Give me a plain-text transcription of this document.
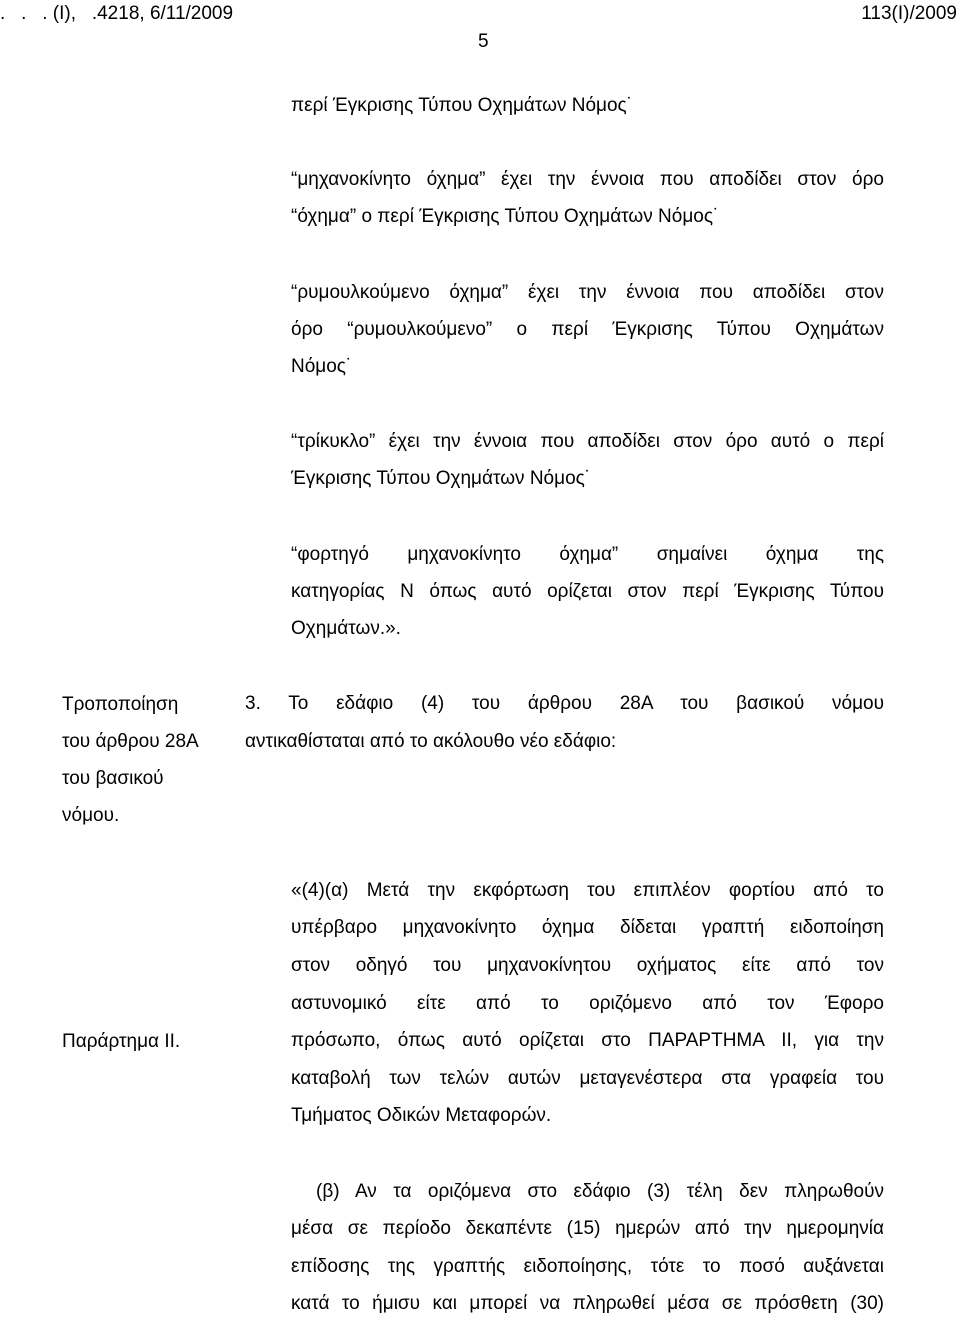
.   .   . (Ι),   .4218, 6/11/2009	113(Ι)/2009
5
περί Έγκρισης Τύπου Οχημάτων Νόμος˙
“μηχανοκίνητο όχημα” έχει την έννοια που αποδίδει στον όρο
“όχημα” ο περί Έγκρισης Τύπου Οχημάτων Νόμος˙
“ρυμουλκούμενο όχημα” έχει την έννοια που αποδίδει στον
όρο “ρυμουλκούμενο” ο περί Έγκρισης Τύπου Οχημάτων
Νόμος˙
“τρίκυκλο” έχει την έννοια που αποδίδει στον όρο αυτό ο περί
Έγκρισης Τύπου Οχημάτων Νόμος˙
“φορτηγό μηχανοκίνητο όχημα” σημαίνει όχημα της
κατηγορίας Ν όπως αυτό ορίζεται στον περί Έγκρισης Τύπου
Οχημάτων.».
Τροποποίηση
του άρθρου 28Α
του βασικού
νόμου.
3. Το εδάφιο (4) του άρθρου 28Α του βασικού νόμου
αντικαθίσταται από το ακόλουθο νέο εδάφιο:
Παράρτημα ΙΙ.
«(4)(α) Μετά την εκφόρτωση του επιπλέον φορτίου από το
υπέρβαρο μηχανοκίνητο όχημα δίδεται γραπτή ειδοποίηση
στον οδηγό του μηχανοκίνητου οχήματος είτε από τον
αστυνομικό είτε από το οριζόμενο από τον Έφορο
πρόσωπο, όπως αυτό ορίζεται στο ΠΑΡΑΡΤΗΜΑ ΙΙ, για την
καταβολή των τελών αυτών μεταγενέστερα στα γραφεία του
Τμήματος Οδικών Μεταφορών.
(β) Αν τα οριζόμενα στο εδάφιο (3) τέλη δεν πληρωθούν
μέσα σε περίοδο δεκαπέντε (15) ημερών από την ημερομηνία
επίδοσης της γραπτής ειδοποίησης, τότε το ποσό αυξάνεται
κατά το ήμισυ και μπορεί να πληρωθεί μέσα σε πρόσθετη (30)
